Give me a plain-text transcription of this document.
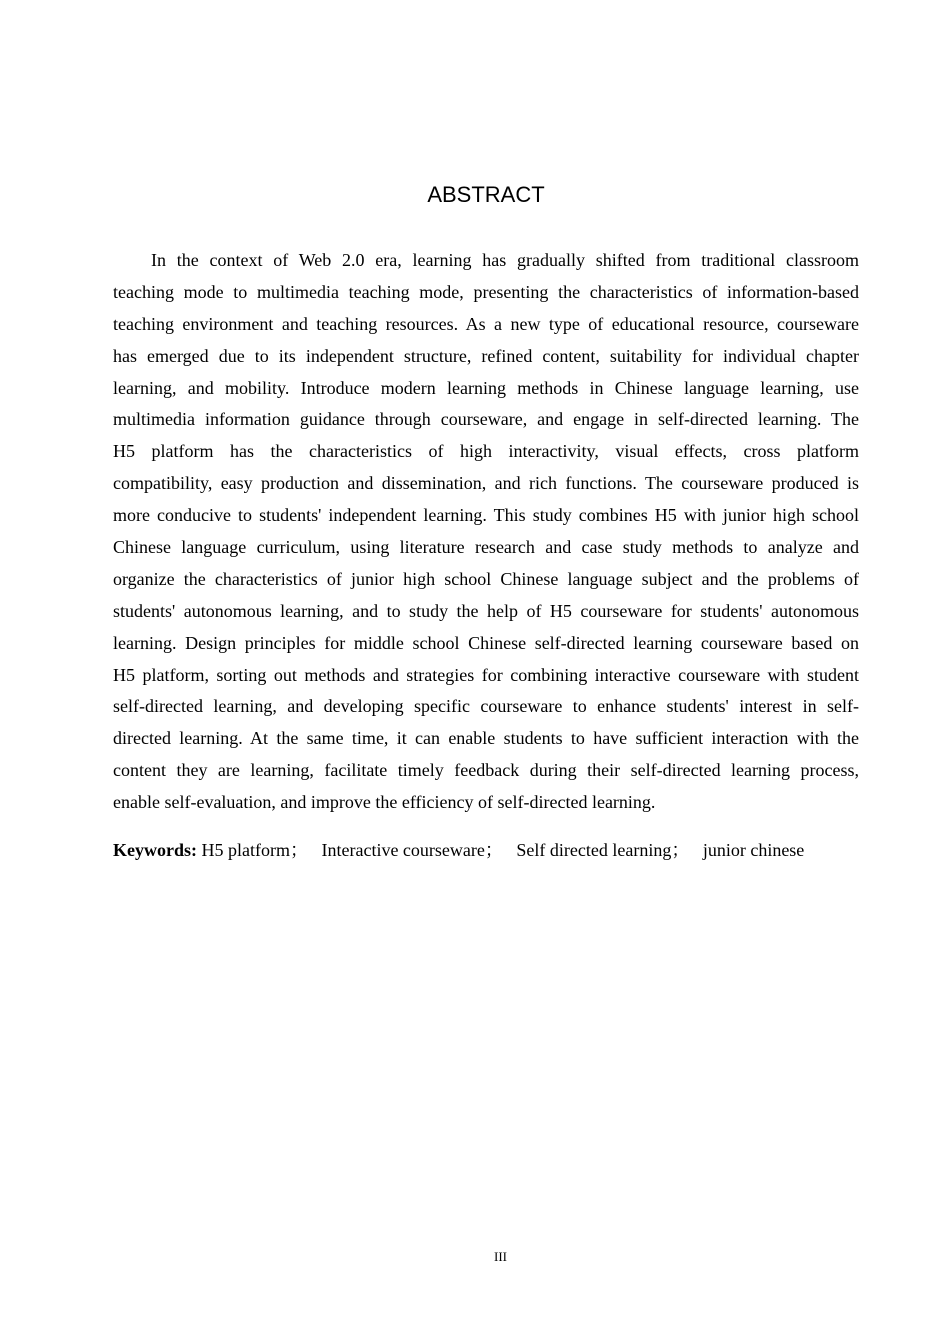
ABSTRACT
In the context of Web 2.0 era, learning has gradually shifted from traditional classroom
teaching mode to multimedia teaching mode, presenting the characteristics of information-based
teaching environment and teaching resources. As a new type of educational resource, courseware
has emerged due to its independent structure, refined content, suitability for individual chapter
learning, and mobility. Introduce modern learning methods in Chinese language learning, use
multimedia information guidance through courseware, and engage in self-directed learning. The
H5 platform has the characteristics of high interactivity, visual effects, cross platform
compatibility, easy production and dissemination, and rich functions. The courseware produced is
more conducive to students' independent learning. This study combines H5 with junior high school
Chinese language curriculum, using literature research and case study methods to analyze and
organize the characteristics of junior high school Chinese language subject and the problems of
students' autonomous learning, and to study the help of H5 courseware for students' autonomous
learning. Design principles for middle school Chinese self-directed learning courseware based on
H5 platform, sorting out methods and strategies for combining interactive courseware with student
self-directed learning, and developing specific courseware to enhance students' interest in self-
directed learning. At the same time, it can enable students to have sufficient interaction with the
content they are learning, facilitate timely feedback during their self-directed learning process,
enable self-evaluation, and improve the efficiency of self-directed learning.
Keywords: H5 platform； Interactive courseware； Self directed learning； junior chinese
III
